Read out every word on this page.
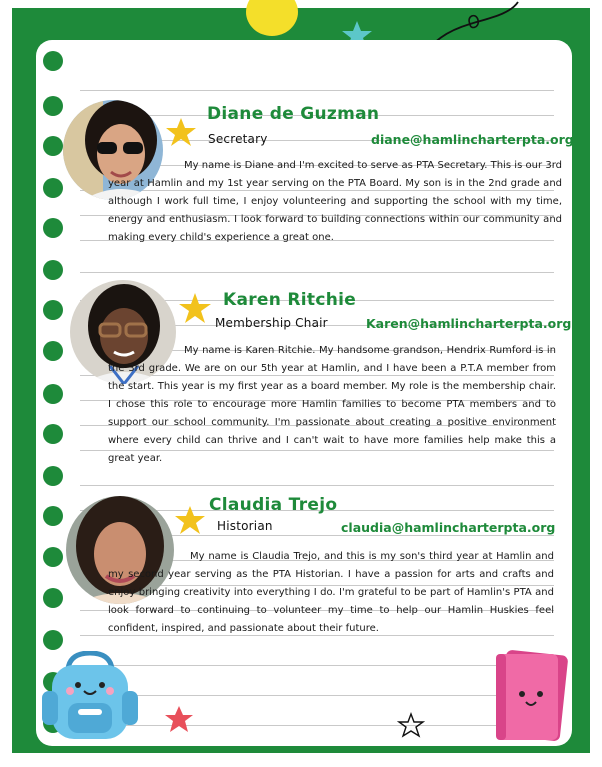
Diane de Guzman
Secretary	diane@hamlincharterpta.org
My name is Diane and I'm excited to serve as PTA Secretary. This is our 3rd year at Hamlin and my 1st year serving on the PTA Board. My son is in the 2nd grade and although I work full time, I enjoy volunteering and supporting the school with my time, energy and enthusiasm. I look forward to building connections within our community and making every child's experience a great one.
Karen Ritchie
Membership Chair	Karen@hamlincharterpta.org
My name is Karen Ritchie. My handsome grandson, Hendrix Rumford is in the 3rd grade. We are on our 5th year at Hamlin, and I have been a P.T.A member from the start. This year is my first year as a board member. My role is the membership chair. I chose this role to encourage more Hamlin families to become PTA members and to support our school community. I'm passionate about creating a positive environment where every child can thrive and I can't wait to have more families help make this a great year.
Claudia Trejo
Historian	claudia@hamlincharterpta.org
My name is Claudia Trejo, and this is my son's third year at Hamlin and my second year serving as the PTA Historian. I have a passion for arts and crafts and enjoy bringing creativity into everything I do. I'm grateful to be part of Hamlin's PTA and look forward to continuing to volunteer my time to help our Hamlin Huskies feel confident, inspired, and passionate about their future.
